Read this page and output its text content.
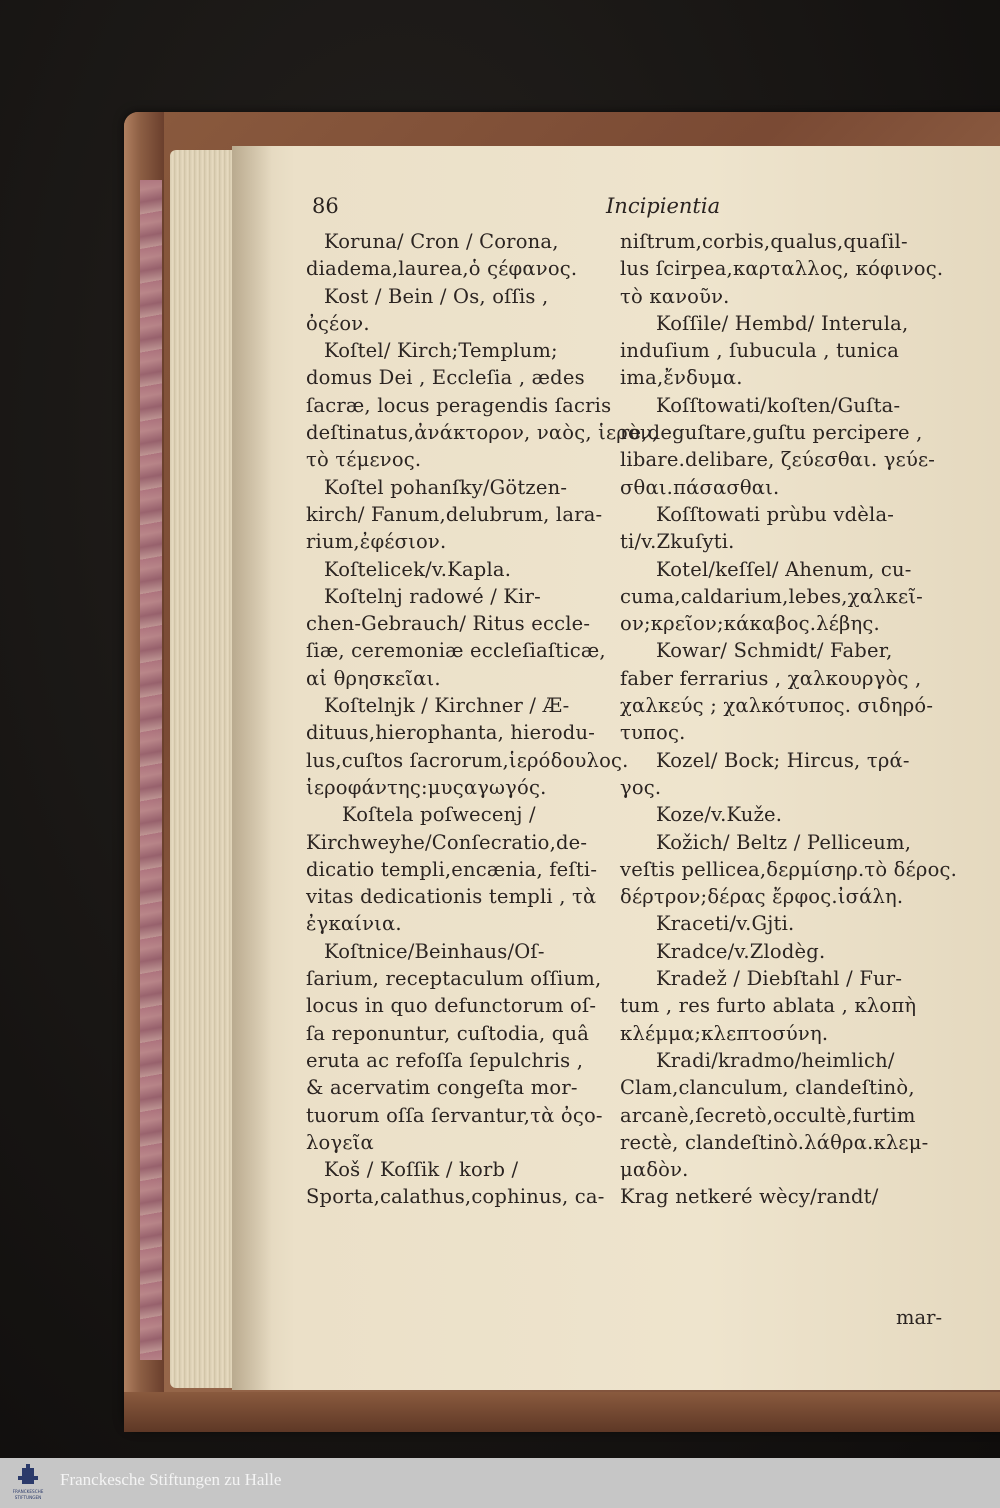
86	Incipientia
Koruna/ Cron / Corona,
diadema,laurea,ὁ ςέφανος.
Kost / Bein / Os, oſſis ,
ὀςέον.
Koſtel/ Kirch;Templum;
domus Dei , Eccleſia , ædes
ſacræ, locus peragendis ſacris
deſtinatus,ἀνάκτορον, ναὸς, ἱερὸν,
τὸ τέμενος.
Koſtel pohanſky/Götzen-
kirch/ Fanum,delubrum, lara-
rium,ἐφέσιον.
Koſtelicek/v.Kapla.
Koſtelnj radowé / Kir-
chen-Gebrauch/ Ritus eccle-
ſiæ, ceremoniæ eccleſiaſticæ,
αἱ θρησκεῖαι.
Koſtelnjk / Kirchner / Æ-
dituus,hierophanta, hierodu-
lus,cuſtos ſacrorum,ἱερόδουλος.
ἱεροφάντης:μυςαγωγός.
Koſtela poſwecenj /
Kirchweyhe/Conſecratio,de-
dicatio templi,encænia, feſti-
vitas dedicationis templi , τὰ
ἐγκαίνια.
Koſtnice/Beinhaus/Oſ-
ſarium, receptaculum oſſium,
locus in quo defunctorum oſ-
ſa reponuntur, cuſtodia, quâ
eruta ac refoſſa ſepulchris ,
& acervatim congeſta mor-
tuorum oſſa ſervantur,τὰ ὀςο-
λογεῖα
Koš / Koſſik / korb /
Sporta,calathus,cophinus, ca-
niſtrum,corbis,qualus,quaſil-
lus ſcirpea,καρταλλος, κόφινος.
τὸ κανοῦν.
Koſſile/ Hembd/ Interula,
induſium , ſubucula , tunica
ima,ἔνδυμα.
Koſſtowati/koſten/Guſta-
re,deguſtare,guſtu percipere ,
libare.delibare, ζεύεσθαι. γεύε-
σθαι.πάσασθαι.
Koſſtowati prùbu vdèla-
ti/v.Zkuſyti.
Kotel/keſſel/ Ahenum, cu-
cuma,caldarium,lebes,χαλκεῖ-
ον;κρεῖον;κάκαβος.λέβης.
Kowar/ Schmidt/ Faber,
faber ferrarius , χαλκουργὸς ,
χαλκεύς ; χαλκότυπος. σιδηρό-
τυπος.
Kozel/ Bock; Hircus, τρά-
γος.
Koze/v.Kuže.
Kožich/ Beltz / Pelliceum,
veſtis pellicea,δερμίσηρ.τὸ δέρος.
δέρτρον;δέρας ἔρφος.ἰσάλη.
Kraceti/v.Gjti.
Kradce/v.Zlodèg.
Kradež / Diebſtahl / Fur-
tum , res furto ablata , κλοπὴ
κλέμμα;κλεπτοσύνη.
Kradi/kradmo/heimlich/
Clam,clanculum, clandeſtinò,
arcanè,ſecretò,occultè,furtim
rectè, clandeſtinò.λάθρα.κλεμ-
μαδὸν.
Krag netkeré wècy/randt/
mar-
FRANCKESCHE
STIFTUNGEN
Franckesche Stiftungen zu Halle
